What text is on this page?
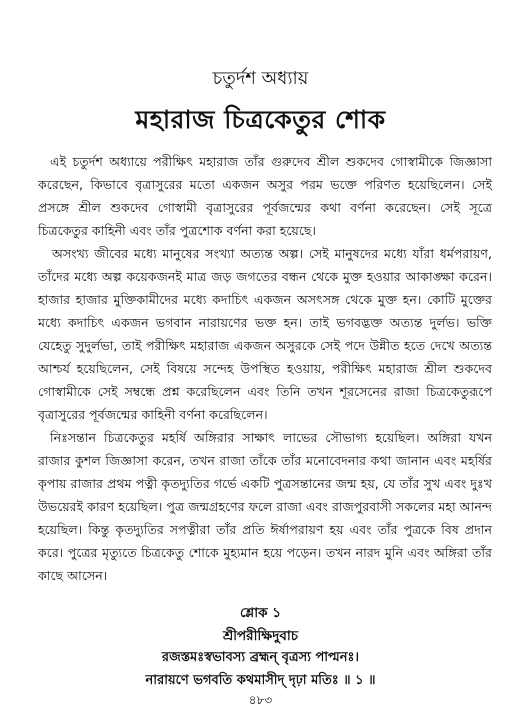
চতুর্দশ অধ্যায়
মহারাজ চিত্রকেতুর শোক

এই চতুর্দশ অধ্যায়ে পরীক্ষিৎ মহারাজ তাঁর গুরুদেব শ্রীল শুকদেব গোস্বামীকে জিজ্ঞাসা করেছেন, কিভাবে বৃত্রাসুরের মতো একজন অসুর পরম ভক্তে পরিণত হয়েছিলেন। সেই প্রসঙ্গে শ্রীল শুকদেব গোস্বামী বৃত্রাসুরের পূর্বজন্মের কথা বর্ণনা করেছেন। সেই সূত্রে চিত্রকেতুর কাহিনী এবং তাঁর পুত্রশোক বর্ণনা করা হয়েছে।

অসংখ্য জীবের মধ্যে মানুষের সংখ্যা অত্যন্ত অল্প। সেই মানুষদের মধ্যে যাঁরা ধর্মপরায়ণ, তাঁদের মধ্যে অল্প কয়েকজনই মাত্র জড় জগতের বন্ধন থেকে মুক্ত হওয়ার আকাঙ্ক্ষা করেন। হাজার হাজার মুক্তিকামীদের মধ্যে কদাচিৎ একজন অসৎসঙ্গ থেকে মুক্ত হন। কোটি মুক্তের মধ্যে কদাচিৎ একজন ভগবান নারায়ণের ভক্ত হন। তাই ভগবদ্ভক্ত অত্যন্ত দুর্লভ। ভক্তি যেহেতু সুদুর্লভা, তাই পরীক্ষিৎ মহারাজ একজন অসুরকে সেই পদে উন্নীত হতে দেখে অত্যন্ত আশ্চর্য হয়েছিলেন, সেই বিষয়ে সন্দেহ উপস্থিত হওয়ায়, পরীক্ষিৎ মহারাজ শ্রীল শুকদেব গোস্বামীকে সেই সম্বন্ধে প্রশ্ন করেছিলেন এবং তিনি তখন শূরসেনের রাজা চিত্রকেতুরূপে বৃত্রাসুরের পূর্বজন্মের কাহিনী বর্ণনা করেছিলেন।

নিঃসন্তান চিত্রকেতুর মহর্ষি অঙ্গিরার সাক্ষাৎ লাভের সৌভাগ্য হয়েছিল। অঙ্গিরা যখন রাজার কুশল জিজ্ঞাসা করেন, তখন রাজা তাঁকে তাঁর মনোবেদনার কথা জানান এবং মহর্ষির কৃপায় রাজার প্রথম পত্নী কৃতদ্যুতির গর্ভে একটি পুত্রসন্তানের জন্ম হয়, যে তাঁর সুখ এবং দুঃখ উভয়েরই কারণ হয়েছিল। পুত্র জন্মগ্রহণের ফলে রাজা এবং রাজপুরবাসী সকলের মহা আনন্দ হয়েছিল। কিন্তু কৃতদ্যুতির সপত্নীরা তাঁর প্রতি ঈর্ষাপরায়ণ হয় এবং তাঁর পুত্রকে বিষ প্রদান করে। পুত্রের মৃত্যুতে চিত্রকেতু শোকে মুহ্যমান হয়ে পড়েন। তখন নারদ মুনি এবং অঙ্গিরা তাঁর কাছে আসেন।

শ্লোক ১
শ্রীপরীক্ষিদুবাচ
রজস্তমঃস্বভাবস্য ব্রহ্মন্ বৃত্রস্য পাপ্মনঃ।
নারায়ণে ভগবতি কথমাসীদ্ দৃঢ়া মতিঃ ॥ ১ ॥
৪৮৩
